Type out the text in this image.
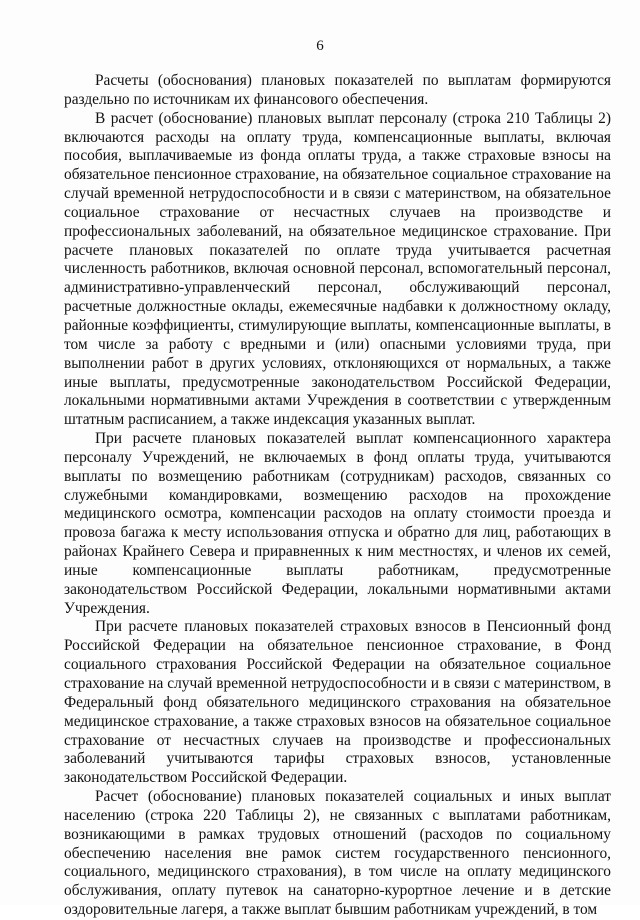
6

Расчеты (обоснования) плановых показателей по выплатам формируются раздельно по источникам их финансового обеспечения.

В расчет (обоснование) плановых выплат персоналу (строка 210 Таблицы 2) включаются расходы на оплату труда, компенсационные выплаты, включая пособия, выплачиваемые из фонда оплаты труда, а также страховые взносы на обязательное пенсионное страхование, на обязательное социальное страхование на случай временной нетрудоспособности и в связи с материнством, на обязательное социальное страхование от несчастных случаев на производстве и профессиональных заболеваний, на обязательное медицинское страхование. При расчете плановых показателей по оплате труда учитывается расчетная численность работников, включая основной персонал, вспомогательный персонал, административно-управленческий персонал, обслуживающий персонал, расчетные должностные оклады, ежемесячные надбавки к должностному окладу, районные коэффициенты, стимулирующие выплаты, компенсационные выплаты, в том числе за работу с вредными и (или) опасными условиями труда, при выполнении работ в других условиях, отклоняющихся от нормальных, а также иные выплаты, предусмотренные законодательством Российской Федерации, локальными нормативными актами Учреждения в соответствии с утвержденным штатным расписанием, а также индексация указанных выплат.

При расчете плановых показателей выплат компенсационного характера персоналу Учреждений, не включаемых в фонд оплаты труда, учитываются выплаты по возмещению работникам (сотрудникам) расходов, связанных со служебными командировками, возмещению расходов на прохождение медицинского осмотра, компенсации расходов на оплату стоимости проезда и провоза багажа к месту использования отпуска и обратно для лиц, работающих в районах Крайнего Севера и приравненных к ним местностях, и членов их семей, иные компенсационные выплаты работникам, предусмотренные законодательством Российской Федерации, локальными нормативными актами Учреждения.

При расчете плановых показателей страховых взносов в Пенсионный фонд Российской Федерации на обязательное пенсионное страхование, в Фонд социального страхования Российской Федерации на обязательное социальное страхование на случай временной нетрудоспособности и в связи с материнством, в Федеральный фонд обязательного медицинского страхования на обязательное медицинское страхование, а также страховых взносов на обязательное социальное страхование от несчастных случаев на производстве и профессиональных заболеваний учитываются тарифы страховых взносов, установленные законодательством Российской Федерации.

Расчет (обоснование) плановых показателей социальных и иных выплат населению (строка 220 Таблицы 2), не связанных с выплатами работникам, возникающими в рамках трудовых отношений (расходов по социальному обеспечению населения вне рамок систем государственного пенсионного, социального, медицинского страхования), в том числе на оплату медицинского обслуживания, оплату путевок на санаторно-курортное лечение и в детские оздоровительные лагеря, а также выплат бывшим работникам учреждений, в том
